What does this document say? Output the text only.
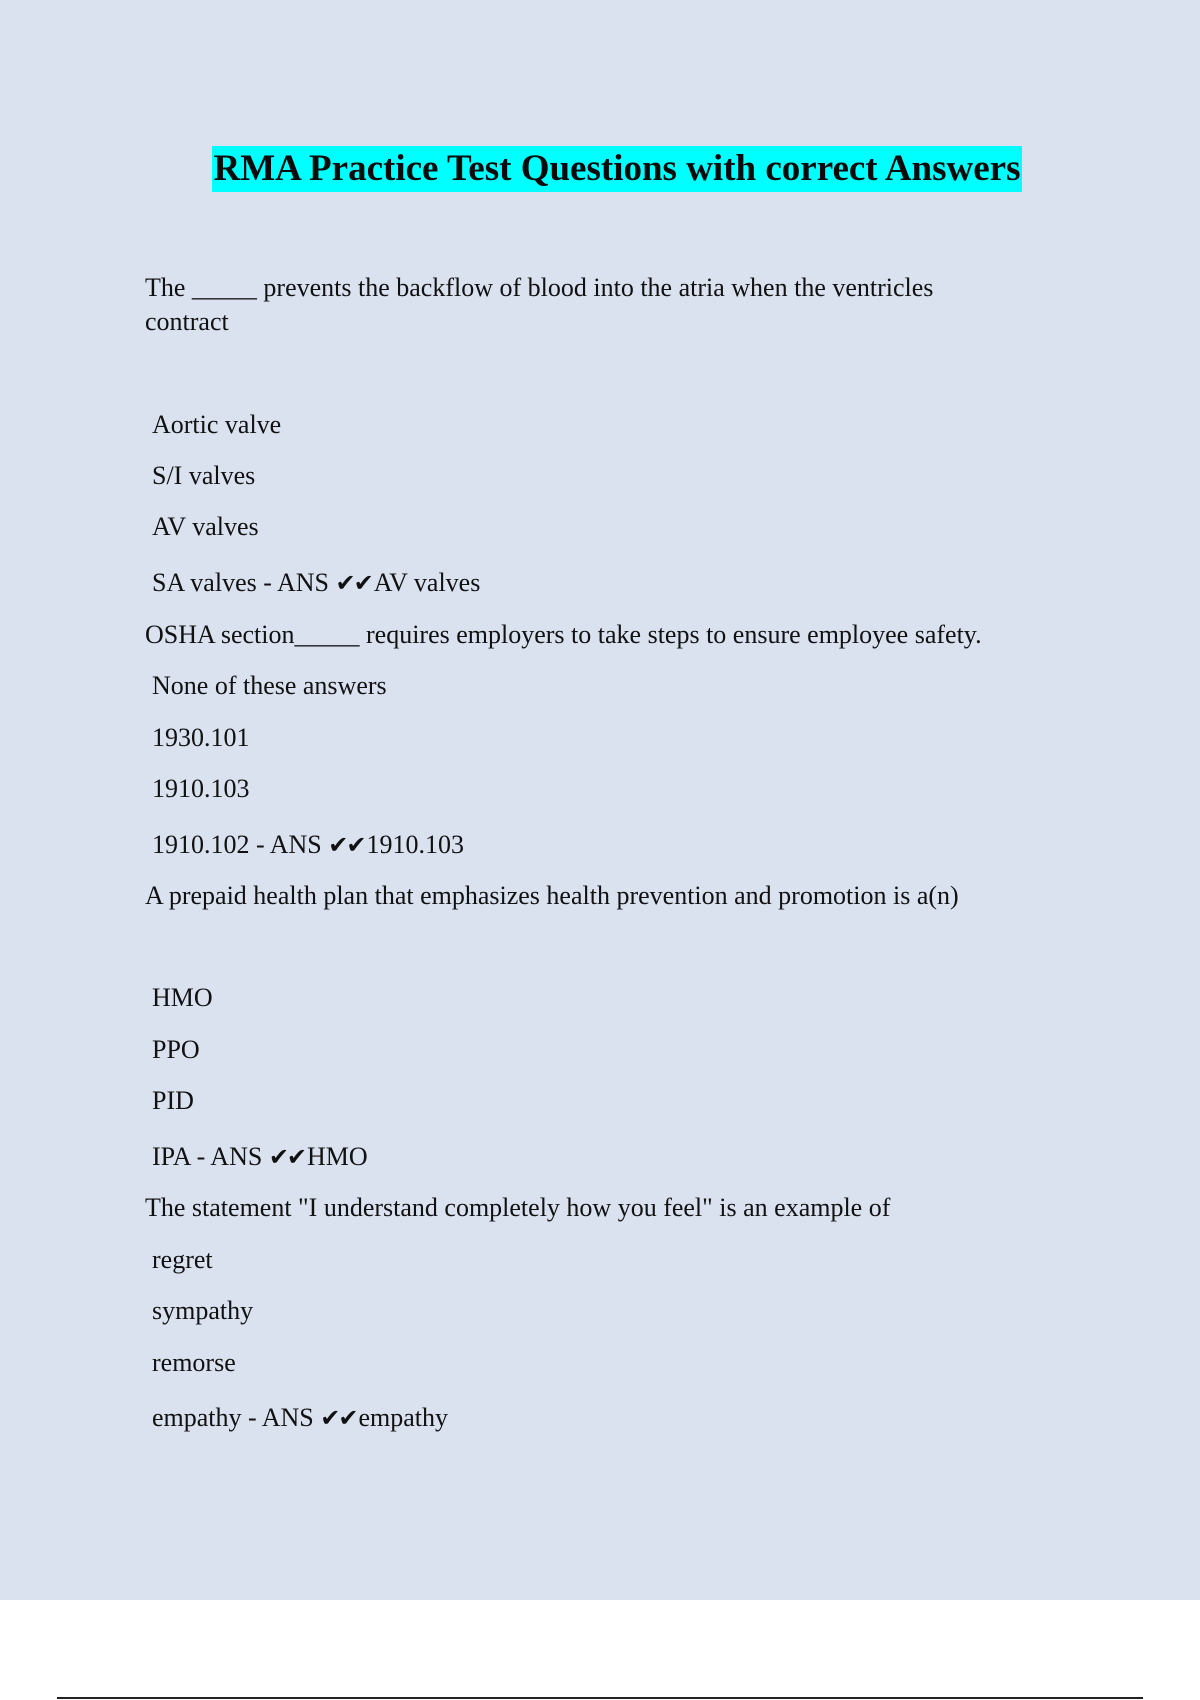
RMA Practice Test Questions with correct Answers
The _____ prevents the backflow of blood into the atria when the ventricles
contract
Aortic valve
S/I valves
AV valves
SA valves - ANS ✔✔AV valves
OSHA section_____ requires employers to take steps to ensure employee safety.
None of these answers
1930.101
1910.103
1910.102 - ANS ✔✔1910.103
A prepaid health plan that emphasizes health prevention and promotion is a(n)
HMO
PPO
PID
IPA - ANS ✔✔HMO
The statement "I understand completely how you feel" is an example of
regret
sympathy
remorse
empathy - ANS ✔✔empathy
